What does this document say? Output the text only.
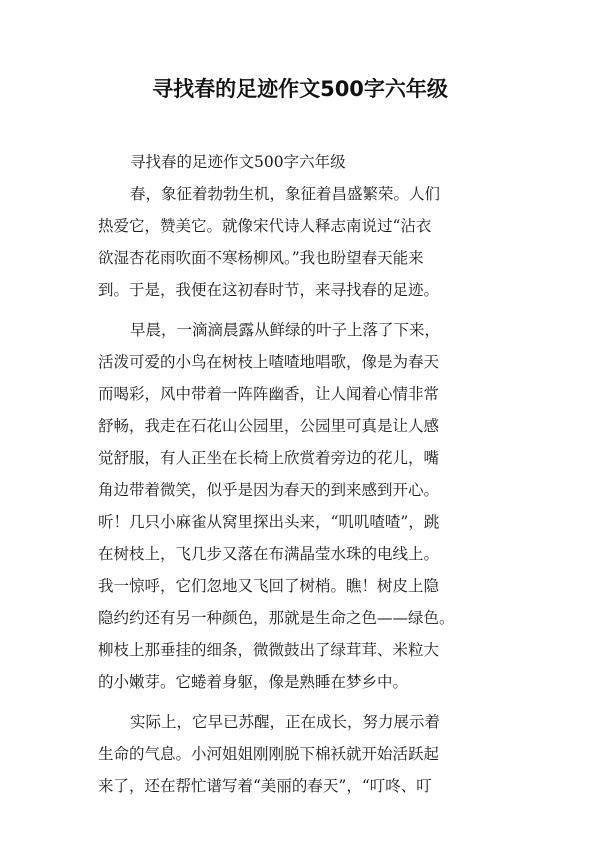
寻找春的足迹作文500字六年级
寻找春的足迹作文500字六年级
春，象征着勃勃生机，象征着昌盛繁荣。人们
热爱它，赞美它。就像宋代诗人释志南说过“沾衣
欲湿杏花雨吹面不寒杨柳风。”我也盼望春天能来
到。于是，我便在这初春时节，来寻找春的足迹。
早晨，一滴滴晨露从鲜绿的叶子上落了下来，
活泼可爱的小鸟在树枝上喳喳地唱歌，像是为春天
而喝彩，风中带着一阵阵幽香，让人闻着心情非常
舒畅，我走在石花山公园里，公园里可真是让人感
觉舒服，有人正坐在长椅上欣赏着旁边的花儿，嘴
角边带着微笑，似乎是因为春天的到来感到开心。
听！几只小麻雀从窝里探出头来，“叽叽喳喳”，跳
在树枝上，飞几步又落在布满晶莹水珠的电线上。
我一惊呼，它们忽地又飞回了树梢。瞧！树皮上隐
隐约约还有另一种颜色，那就是生命之色——绿色。
柳枝上那垂挂的细条，微微鼓出了绿茸茸、米粒大
的小嫩芽。它蜷着身躯，像是熟睡在梦乡中。
实际上，它早已苏醒，正在成长，努力展示着
生命的气息。小河姐姐刚刚脱下棉袄就开始活跃起
来了，还在帮忙谱写着“美丽的春天”，“叮咚、叮
